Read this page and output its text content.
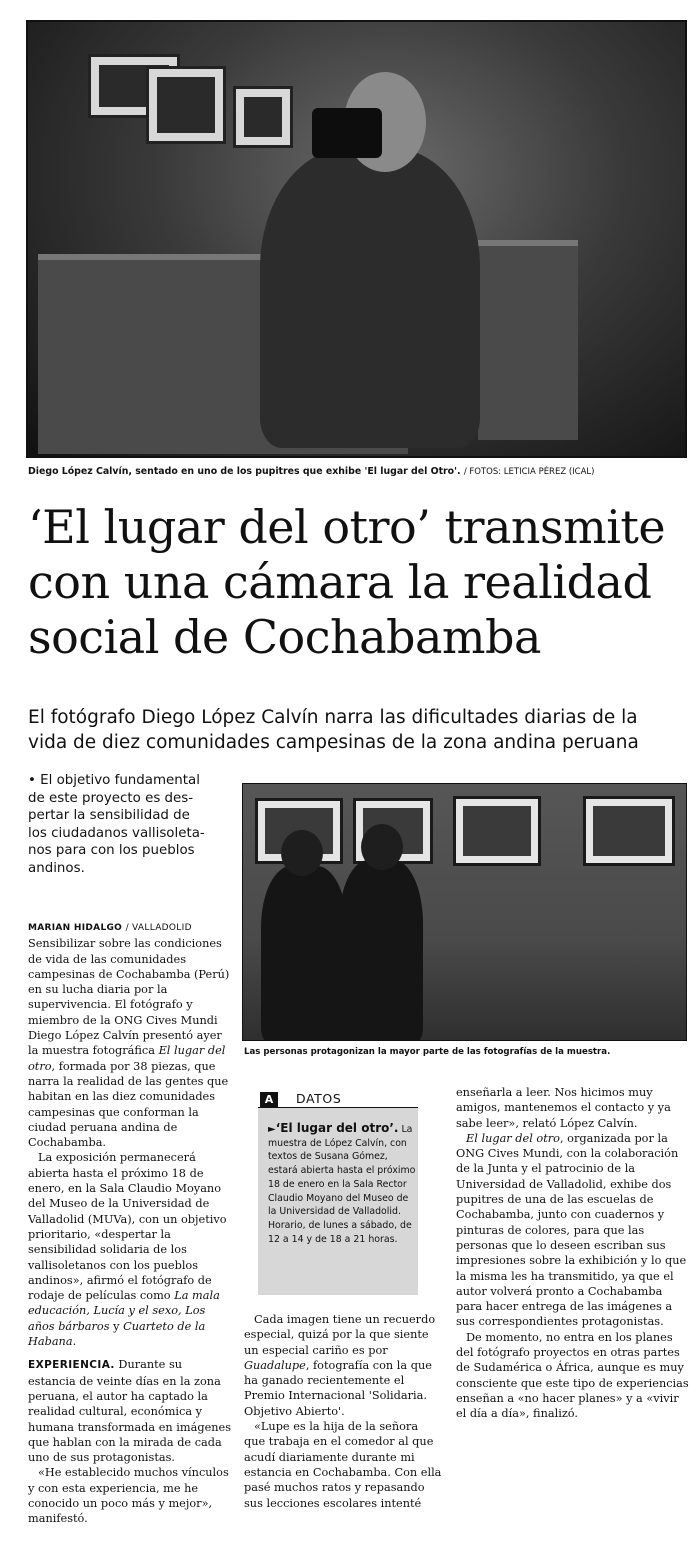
Diego López Calvín, sentado en uno de los pupitres que exhibe 'El lugar del Otro'. / FOTOS: LETICIA PÉREZ (ICAL)
‘El lugar del otro’ transmite
con una cámara la realidad
social de Cochabamba
El fotógrafo Diego López Calvín narra las dificultades diarias de la
vida de diez comunidades campesinas de la zona andina peruana
• El objetivo fundamental
de este proyecto es des-
pertar la sensibilidad de
los ciudadanos vallisoleta-
nos para con los pueblos
andinos.
Las personas protagonizan la mayor parte de las fotografías de la muestra.
MARIAN HIDALGO / VALLADOLID

Sensibilizar sobre las condiciones de vida de las comunidades campesinas de Cochabamba (Perú) en su lucha diaria por la supervivencia. El fotógrafo y miembro de la ONG Cives Mundi Diego López Calvín presentó ayer la muestra fotográfica El lugar del otro, formada por 38 piezas, que narra la realidad de las gentes que habitan en las diez comunidades campesinas que conforman la ciudad peruana andina de Cochabamba.

La exposición permanecerá abierta hasta el próximo 18 de enero, en la Sala Claudio Moyano del Museo de la Universidad de Valladolid (MUVa), con un objetivo prioritario, «despertar la sensibilidad solidaria de los vallisoletanos con los pueblos andinos», afirmó el fotógrafo de rodaje de películas como La mala educación, Lucía y el sexo, Los años bárbaros y Cuarteto de la Habana.

EXPERIENCIA. Durante su estancia de veinte días en la zona peruana, el autor ha captado la realidad cultural, económica y humana transformada en imágenes que hablan con la mirada de cada uno de sus protagonistas.

«He establecido muchos vínculos y con esta experiencia, me he conocido un poco más y mejor», manifestó.

A	DATOS
►‘El lugar del otro’. La muestra de López Calvín, con textos de Susana Gómez, estará abierta hasta el próximo 18 de enero en la Sala Rector Claudio Moyano del Museo de la Universidad de Valladolid. Horario, de lunes a sábado, de 12 a 14 y de 18 a 21 horas.

Cada imagen tiene un recuerdo especial, quizá por la que siente un especial cariño es por Guadalupe, fotografía con la que ha ganado recientemente el Premio Internacional 'Solidaria. Objetivo Abierto'.

«Lupe es la hija de la señora que trabaja en el comedor al que acudí diariamente durante mi estancia en Cochabamba. Con ella pasé muchos ratos y repasando sus lecciones escolares intenté

enseñarla a leer. Nos hicimos muy amigos, mantenemos el contacto y ya sabe leer», relató López Calvín.

El lugar del otro, organizada por la ONG Cives Mundi, con la colaboración de la Junta y el patrocinio de la Universidad de Valladolid, exhibe dos pupitres de una de las escuelas de Cochabamba, junto con cuadernos y pinturas de colores, para que las personas que lo deseen escriban sus impresiones sobre la exhibición y lo que la misma les ha transmitido, ya que el autor volverá pronto a Cochabamba para hacer entrega de las imágenes a sus correspondientes protagonistas.

De momento, no entra en los planes del fotógrafo proyectos en otras partes de Sudamérica o África, aunque es muy consciente que este tipo de experiencias enseñan a «no hacer planes» y a «vivir el día a día», finalizó.
